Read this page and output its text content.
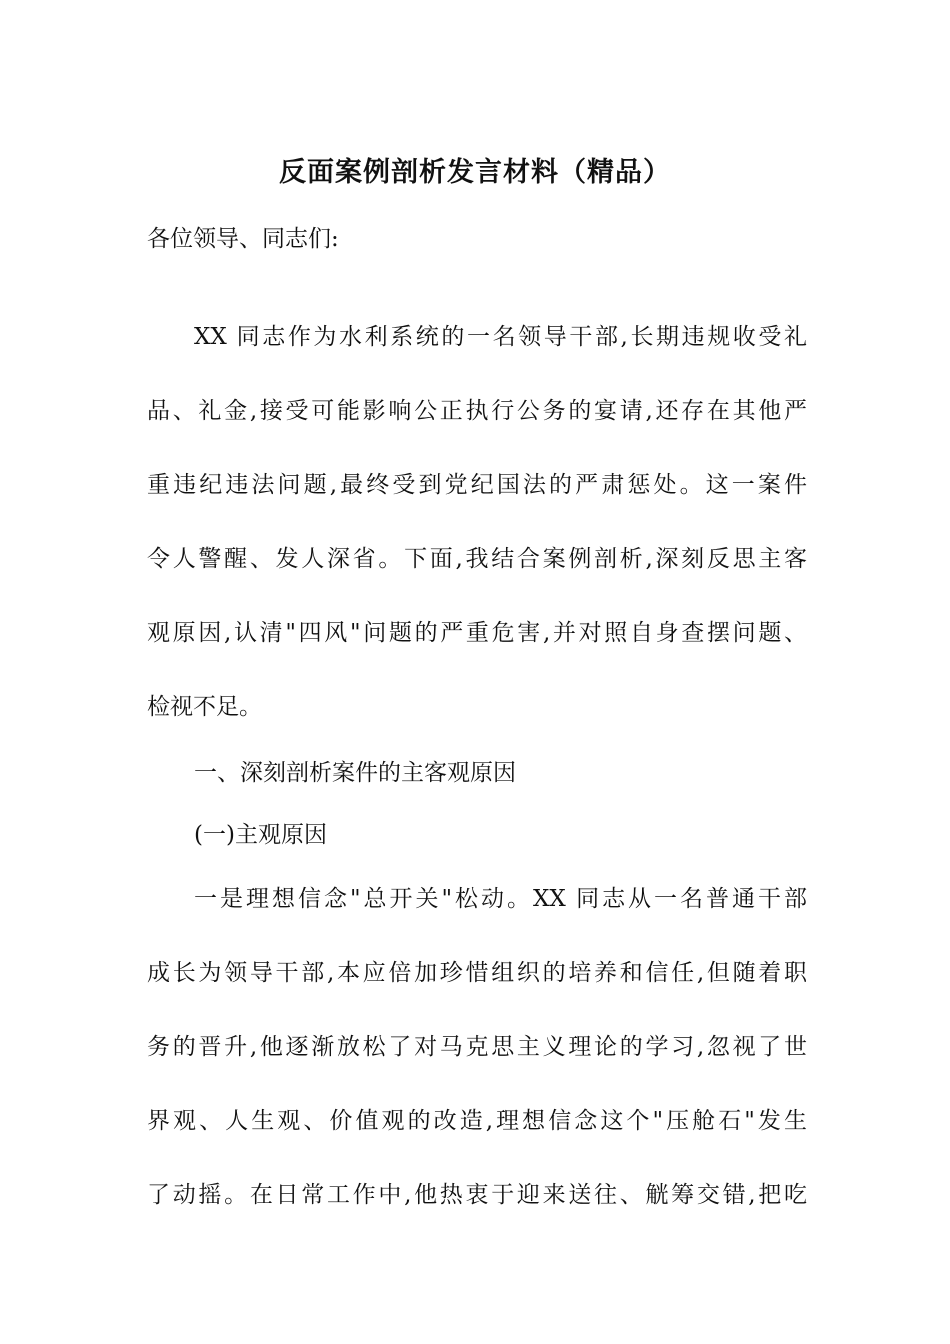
反面案例剖析发言材料（精品）
各位领导、同志们:
XX 同志作为水利系统的一名领导干部,长期违规收受礼
品、礼金,接受可能影响公正执行公务的宴请,还存在其他严
重违纪违法问题,最终受到党纪国法的严肃惩处。这一案件
令人警醒、发人深省。下面,我结合案例剖析,深刻反思主客
观原因,认清"四风"问题的严重危害,并对照自身查摆问题、
检视不足。
一、深刻剖析案件的主客观原因
(一)主观原因
一是理想信念"总开关"松动。XX 同志从一名普通干部
成长为领导干部,本应倍加珍惜组织的培养和信任,但随着职
务的晋升,他逐渐放松了对马克思主义理论的学习,忽视了世
界观、人生观、价值观的改造,理想信念这个"压舱石"发生
了动摇。在日常工作中,他热衷于迎来送往、觥筹交错,把吃
